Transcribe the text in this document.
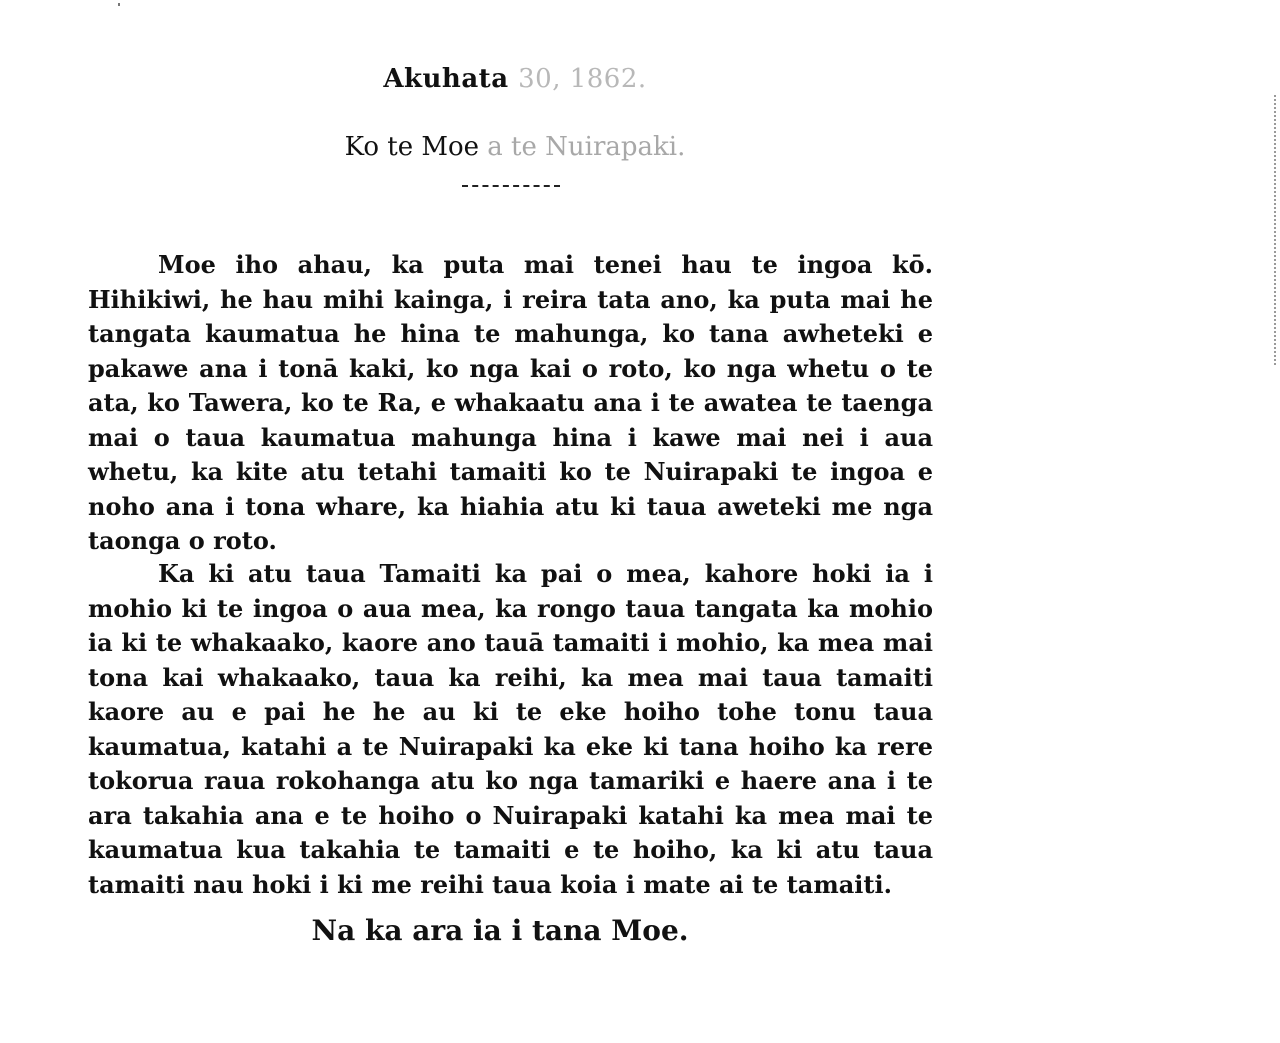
Akuhata 30, 1862.
Ko te Moe a te Nuirapaki.

Moe iho ahau, ka puta mai tenei hau te ingoa kō. Hihikiwi, he hau mihi kainga, i reira tata ano, ka puta mai he tangata kaumatua he hina te mahunga, ko tana awheteki e pakawe ana i tonā kaki, ko nga kai o roto, ko nga whetu o te ata, ko Tawera, ko te Ra, e whakaatu ana i te awatea te taenga mai o taua kaumatua mahunga hina i kawe mai nei i aua whetu, ka kite atu tetahi tamaiti ko te Nuirapaki te ingoa e noho ana i tona whare, ka hiahia atu ki taua aweteki me nga taonga o roto.

Ka ki atu taua Tamaiti ka pai o mea, kahore hoki ia i mohio ki te ingoa o aua mea, ka rongo taua tangata ka mohio ia ki te whakaako, kaore ano tauā tamaiti i mohio, ka mea mai tona kai whakaako, taua ka reihi, ka mea mai taua tamaiti kaore au e pai he he au ki te eke hoiho tohe tonu taua kaumatua, katahi a te Nuirapaki ka eke ki tana hoiho ka rere tokorua raua rokohanga atu ko nga tamariki e haere ana i te ara takahia ana e te hoiho o Nuirapaki katahi ka mea mai te kaumatua kua takahia te tamaiti e te hoiho, ka ki atu taua tamaiti nau hoki i ki me reihi taua koia i mate ai te tamaiti.

Na ka ara ia i tana Moe.
